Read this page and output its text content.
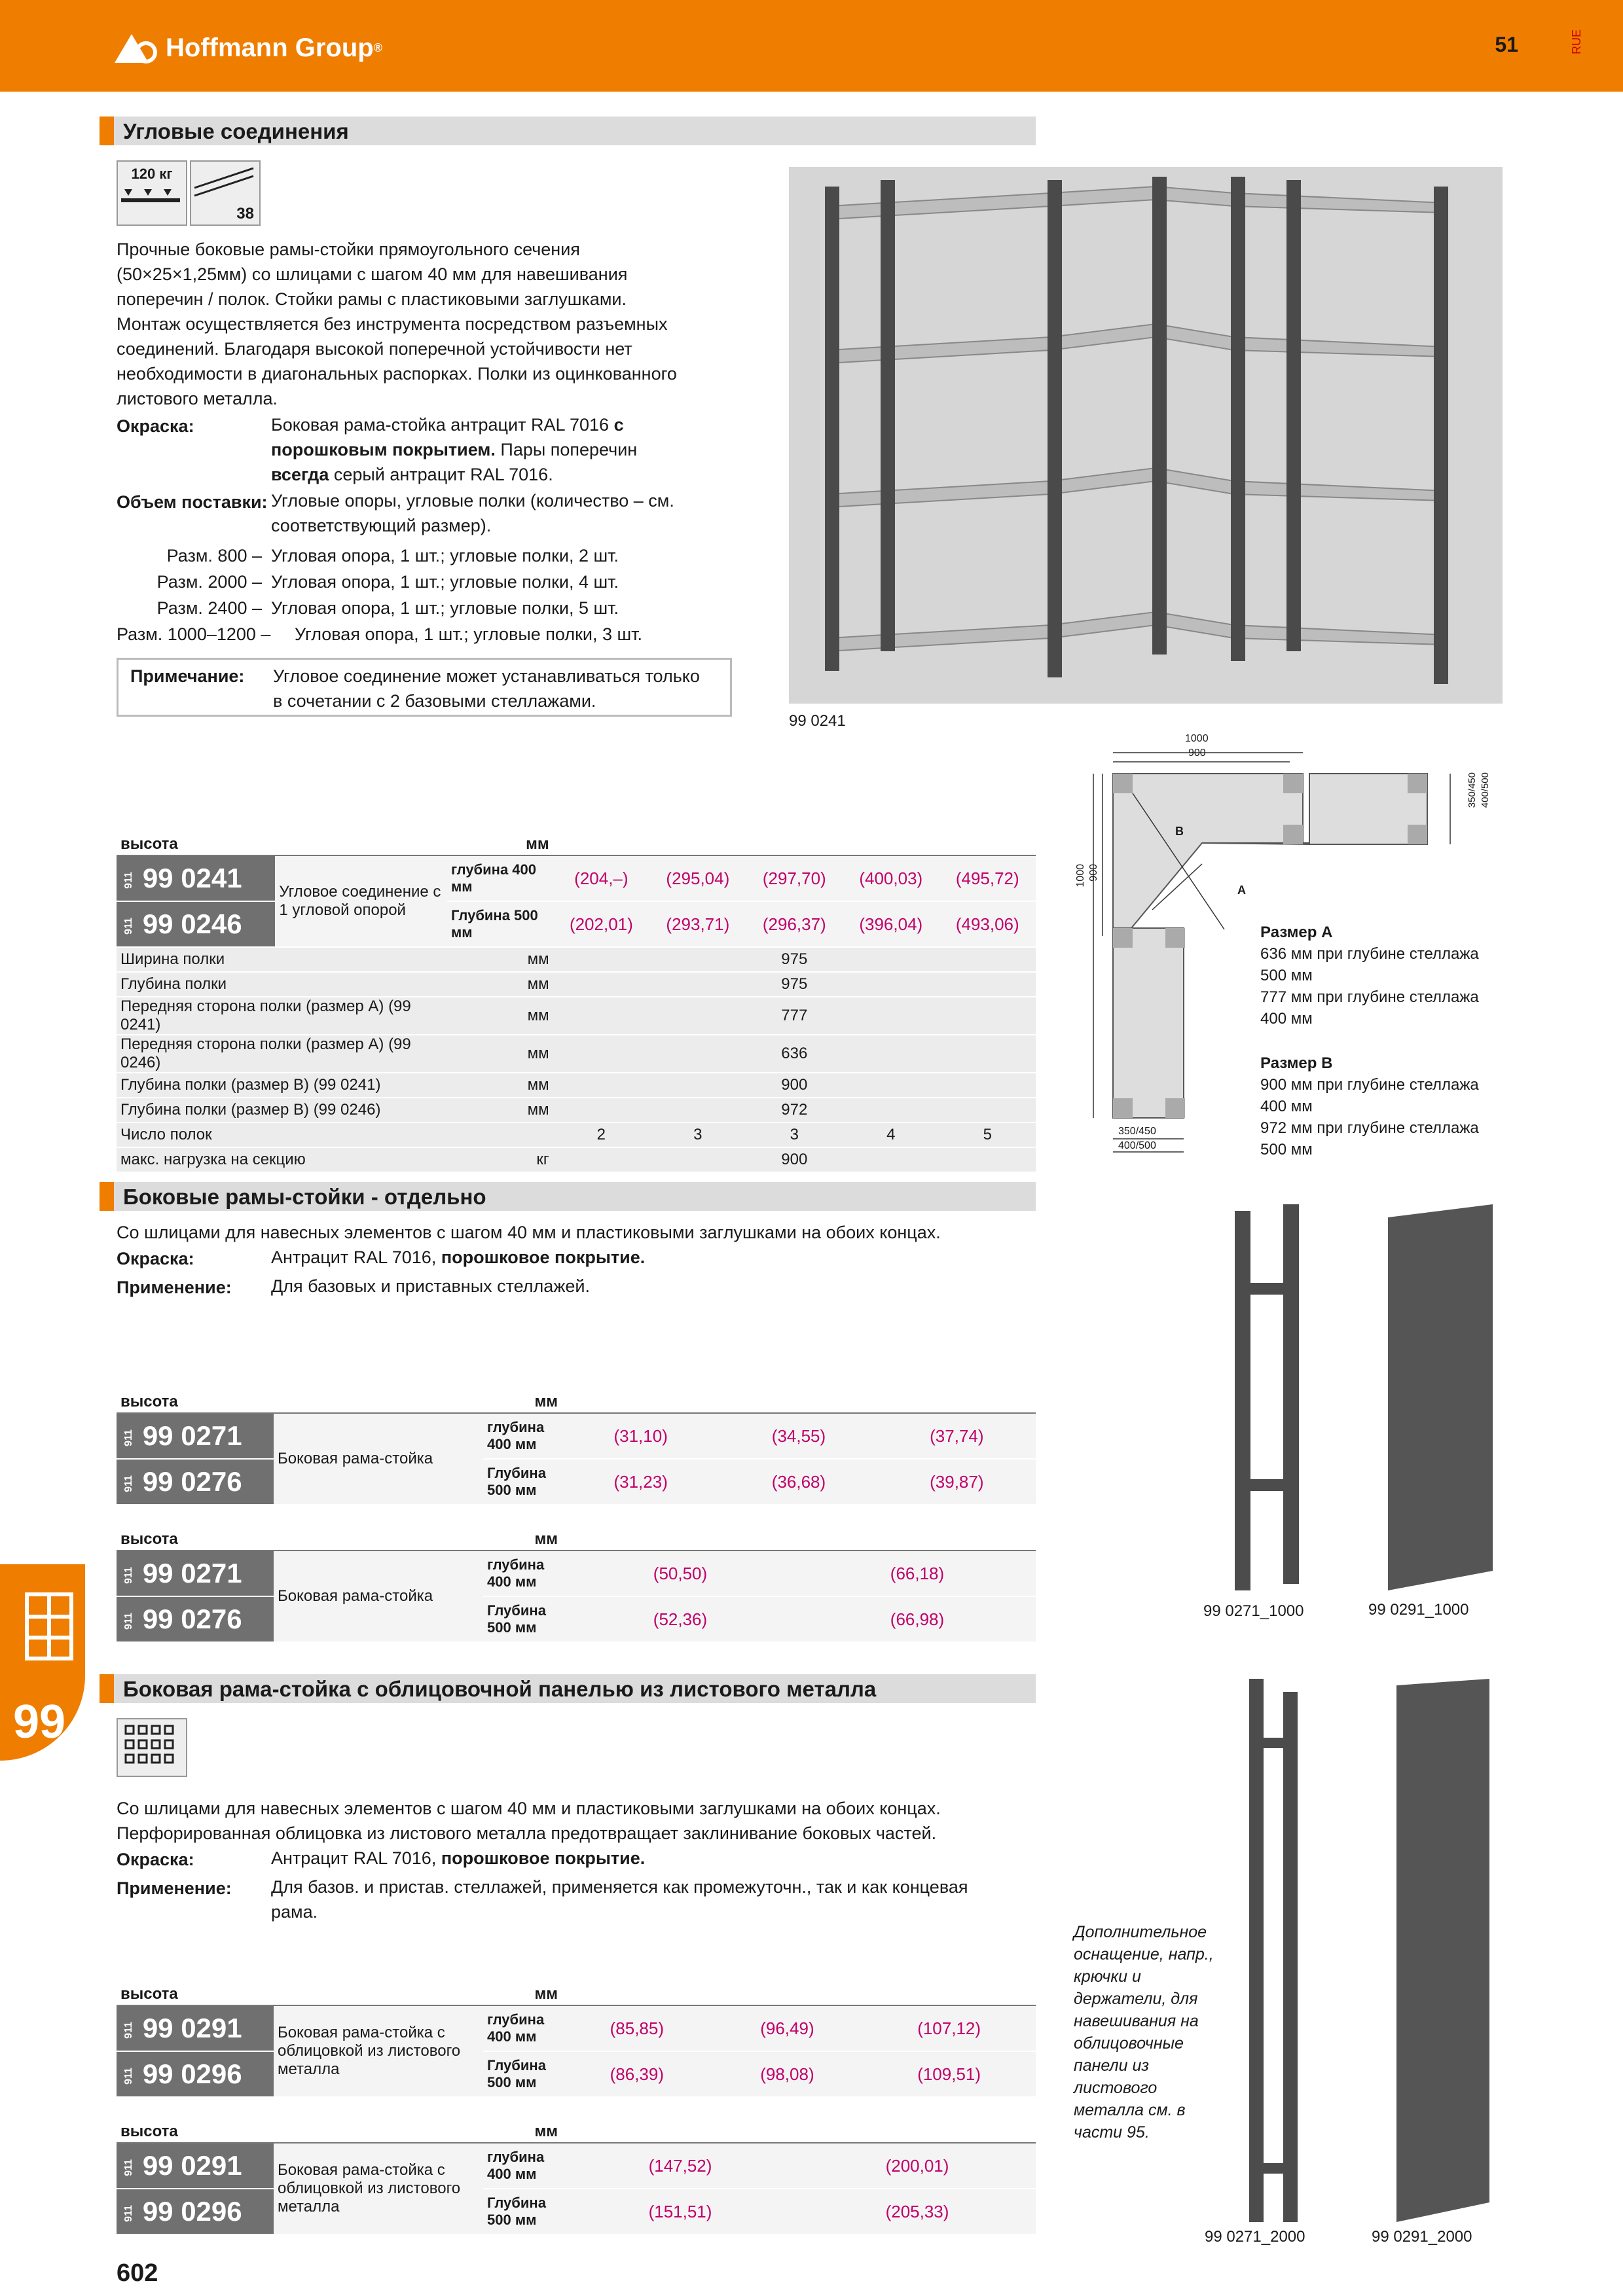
Hoffmann Group ®	51	RUE
Угловые соединения
120 кг
38
Прочные боковые рамы-стойки прямоугольного сечения
(50×25×1,25мм) со шлицами с шагом 40 мм для навешивания
поперечин / полок. Стойки рамы с пластиковыми заглушками.
Монтаж осуществляется без инструмента посредством разъемных
соединений. Благодаря высокой поперечной устойчивости нет
необходимости в диагональных распорках. Полки из оцинкованного
листового металла.
Окраска:	Боковая рама-стойка антрацит RAL 7016 с
порошковым покрытием. Пары поперечин
всегда серый антрацит RAL 7016.
Объем поставки: Угловые опоры, угловые полки (количество – см.
соответствующий размер).
Разм. 800 – Угловая опора, 1 шт.; угловые полки, 2 шт.
Разм. 2000 – Угловая опора, 1 шт.; угловые полки, 4 шт.
Разм. 2400 – Угловая опора, 1 шт.; угловые полки, 5 шт.
Разм. 1000–1200 – Угловая опора, 1 шт.; угловые полки, 3 шт.
Примечание: Угловое соединение может устанавливаться только
в сочетании с 2 базовыми стеллажами.
99 0241
высота		мм	800	1000	1200	2000	2400
911 99 0241	Угловое соединение с 1 угловой опорой	глубина 400 мм	(204,–)	(295,04)	(297,70)	(400,03)	(495,72)
911 99 0246		Глубина 500 мм	(202,01)	(293,71)	(296,37)	(396,04)	(493,06)
Ширина полки		мм	975				
Глубина полки		мм	975				
Передняя сторона полки (размер A) (99 0241)		мм	777				
Передняя сторона полки (размер A) (99 0246)		мм	636				
Глубина полки (размер B) (99 0241)		мм	900				
Глубина полки (размер B) (99 0246)		мм	972				
Число полок			2	3	3	4	5
макс. нагрузка на секцию		кг	900				
1000
900
1000 900
B
A
350/450
400/500
350/450 400/500
Размер A
636 мм при глубине стеллажа
500 мм
777 мм при глубине стеллажа
400 мм
Размер B
900 мм при глубине стеллажа
400 мм
972 мм при глубине стеллажа
500 мм
Боковые рамы-стойки - отдельно
Со шлицами для навесных элементов с шагом 40 мм и пластиковыми заглушками на обоих концах.
Окраска:	Антрацит RAL 7016, порошковое покрытие.
Применение: Для базовых и приставных стеллажей.
высота		мм	800	1000	1200
911 99 0271	Боковая рама-стойка	глубина 400 мм	(31,10)	(34,55)	(37,74)
911 99 0276		Глубина 500 мм	(31,23)	(36,68)	(39,87)
высота		мм	2000	2400
911 99 0271	Боковая рама-стойка	глубина 400 мм	(50,50)	(66,18)
911 99 0276		Глубина 500 мм	(52,36)	(66,98)	99 0271_1000	99 0291_1000
Боковая рама-стойка с облицовочной панелью из листового металла
Со шлицами для навесных элементов с шагом 40 мм и пластиковыми заглушками на обоих концах.
Перфорированная облицовка из листового металла предотвращает заклинивание боковых частей.
Окраска:	Антрацит RAL 7016, порошковое покрытие.
Применение: Для базов. и пристав. стеллажей, применяется как промежуточн., так и как концевая
рама.
высота		мм	800	1000	1200
911 99 0291	Боковая рама-стойка с облицовкой из листового металла	глубина 400 мм	(85,85)	(96,49)	(107,12)
911 99 0296		Глубина 500 мм	(86,39)	(98,08)	(109,51)
высота		мм	2000	2400
911 99 0291	Боковая рама-стойка с облицовкой из листового металла	глубина 400 мм	(147,52)	(200,01)
911 99 0296		Глубина 500 мм	(151,51)	(205,33)
Дополнительное
оснащение, напр.,
крючки и
держатели, для
навешивания на
облицовочные
панели из
листового
металла см. в
части 95.
99 0271_2000	99 0291_2000
99
602
